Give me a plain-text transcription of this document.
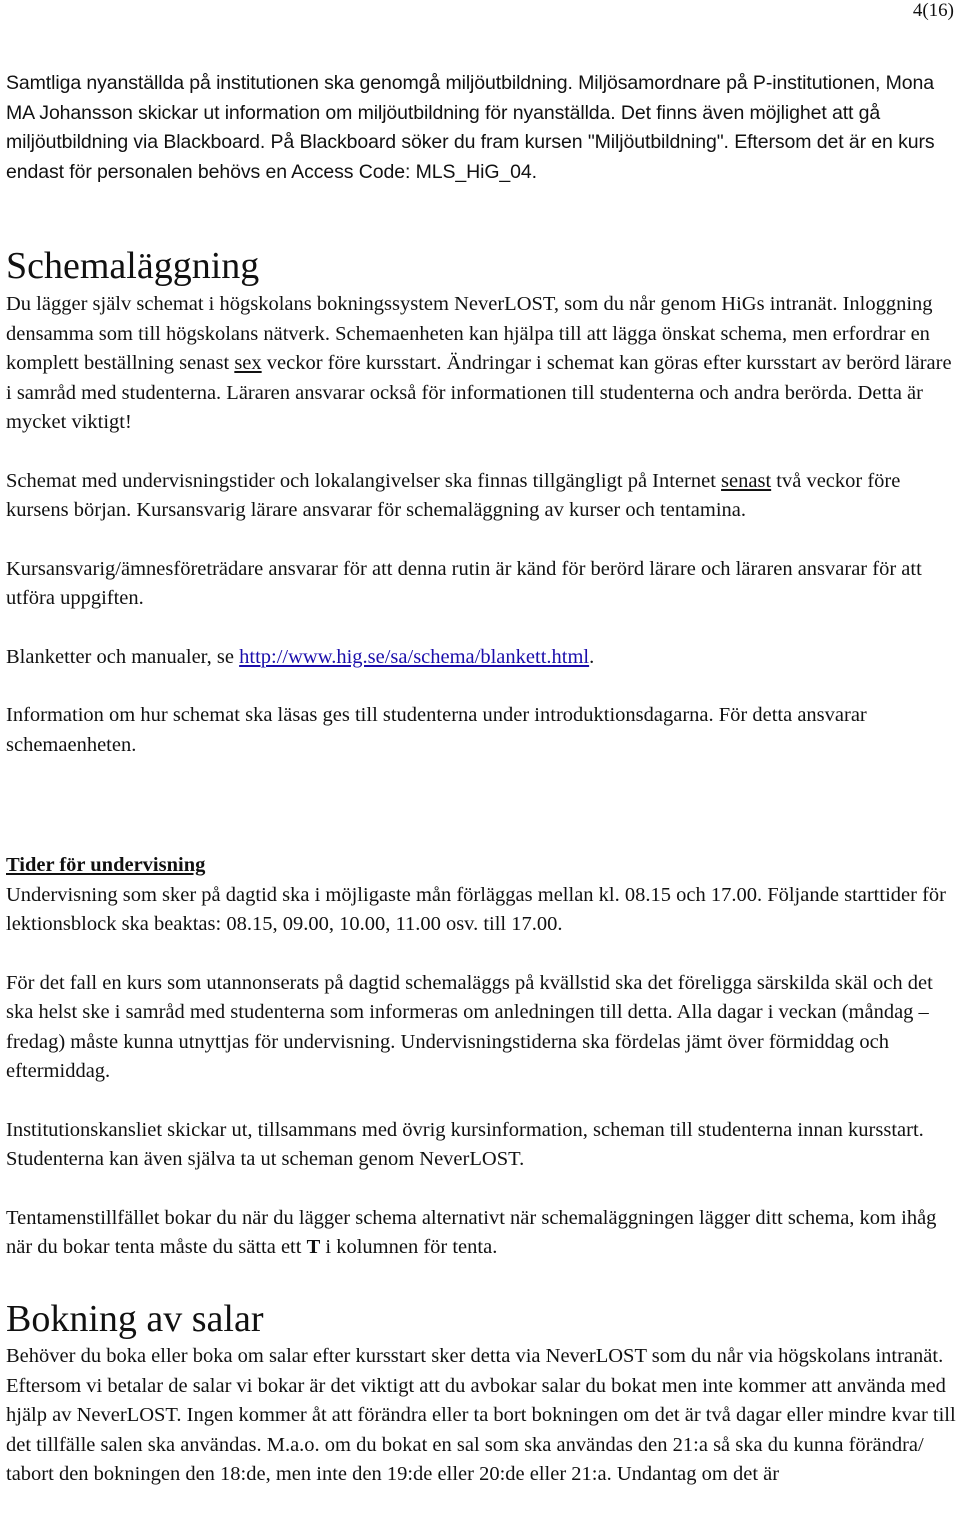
4(16)

Samtliga nyanställda på institutionen ska genomgå miljöutbildning. Miljösamordnare på P-institutionen, Mona MA Johansson skickar ut information om miljöutbildning för nyanställda. Det finns även möjlighet att gå miljöutbildning via Blackboard. På Blackboard söker du fram kursen "Miljöutbildning". Eftersom det är en kurs endast för personalen behövs en Access Code: MLS_HiG_04.

Schemaläggning

Du lägger själv schemat i högskolans bokningssystem NeverLOST, som du når genom HiGs intranät. Inloggning densamma som till högskolans nätverk. Schemaenheten kan hjälpa till att lägga önskat schema, men erfordrar en komplett beställning senast sex veckor före kursstart. Ändringar i schemat kan göras efter kursstart av berörd lärare i samråd med studenterna. Läraren ansvarar också för informationen till studenterna och andra berörda. Detta är mycket viktigt!

Schemat med undervisningstider och lokalangivelser ska finnas tillgängligt på Internet senast två veckor före kursens början. Kursansvarig lärare ansvarar för schemaläggning av kurser och tentamina.

Kursansvarig/ämnesföreträdare ansvarar för att denna rutin är känd för berörd lärare och läraren ansvarar för att utföra uppgiften.

Blanketter och manualer, se http://www.hig.se/sa/schema/blankett.html.

Information om hur schemat ska läsas ges till studenterna under introduktionsdagarna. För detta ansvarar schemaenheten.

Tider för undervisning

Undervisning som sker på dagtid ska i möjligaste mån förläggas mellan kl. 08.15 och 17.00. Följande starttider för lektionsblock ska beaktas: 08.15, 09.00, 10.00, 11.00 osv. till 17.00.

För det fall en kurs som utannonserats på dagtid schemaläggs på kvällstid ska det föreligga särskilda skäl och det ska helst ske i samråd med studenterna som informeras om anledningen till detta. Alla dagar i veckan (måndag – fredag) måste kunna utnyttjas för undervisning. Undervisningstiderna ska fördelas jämt över förmiddag och eftermiddag.

Institutionskansliet skickar ut, tillsammans med övrig kursinformation, scheman till studenterna innan kursstart. Studenterna kan även själva ta ut scheman genom NeverLOST.

Tentamenstillfället bokar du när du lägger schema alternativt när schemaläggningen lägger ditt schema, kom ihåg när du bokar tenta måste du sätta ett T i kolumnen för tenta.

Bokning av salar

Behöver du boka eller boka om salar efter kursstart sker detta via NeverLOST som du når via högskolans intranät. Eftersom vi betalar de salar vi bokar är det viktigt att du avbokar salar du bokat men inte kommer att använda med hjälp av NeverLOST. Ingen kommer åt att förändra eller ta bort bokningen om det är två dagar eller mindre kvar till det tillfälle salen ska användas. M.a.o. om du bokat en sal som ska användas den 21:a så ska du kunna förändra/ tabort den bokningen den 18:de, men inte den 19:de eller 20:de eller 21:a. Undantag om det är
